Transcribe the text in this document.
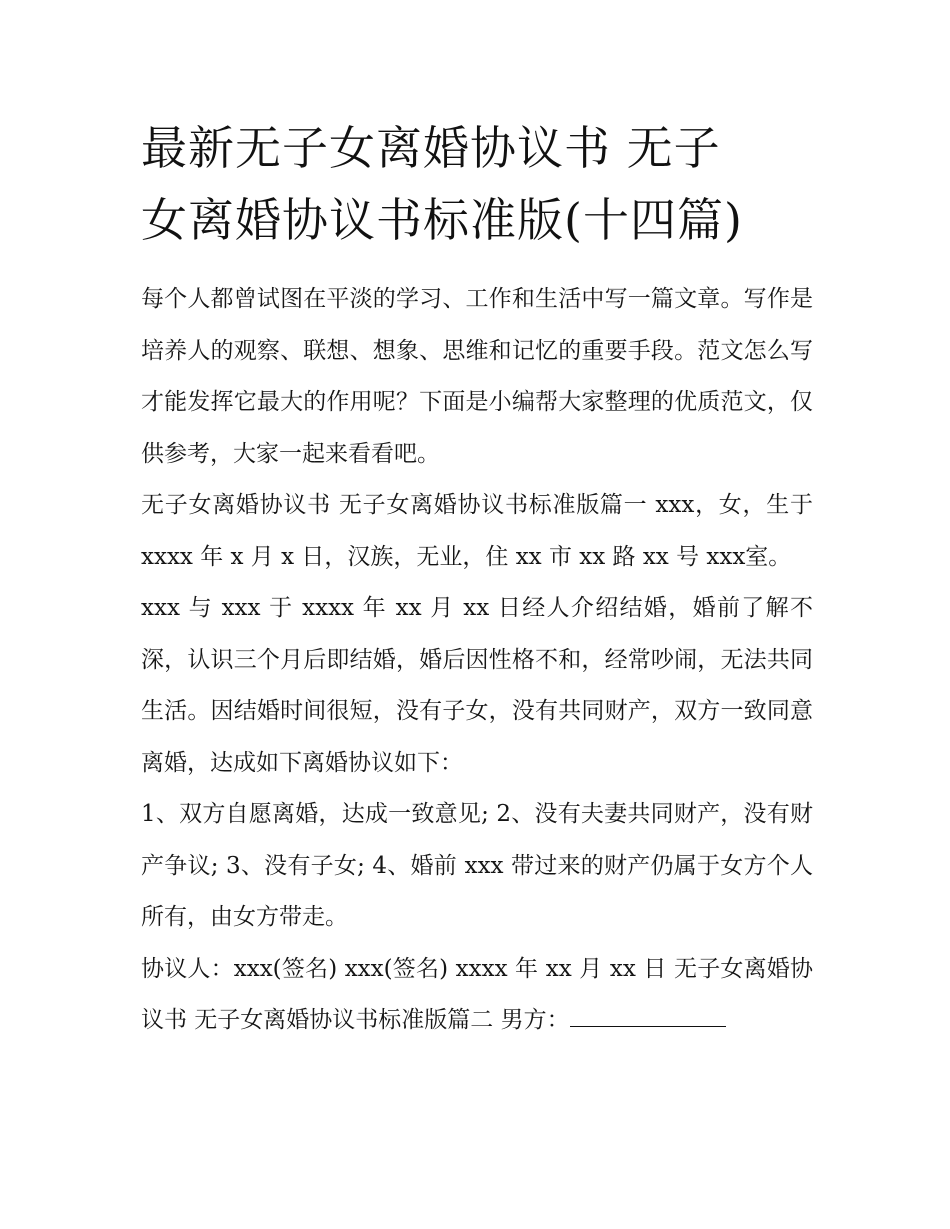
最新无子女离婚协议书 无子
女离婚协议书标准版(十四篇)

每个人都曾试图在平淡的学习、工作和生活中写一篇文章。写作是培养人的观察、联想、想象、思维和记忆的重要手段。范文怎么写才能发挥它最大的作用呢？下面是小编帮大家整理的优质范文，仅供参考，大家一起来看看吧。

无子女离婚协议书 无子女离婚协议书标准版篇一 xxx，女，生于 xxxx 年 x 月 x 日，汉族，无业，住 xx 市 xx 路 xx 号 xxx室。

xxx 与 xxx 于 xxxx 年 xx 月 xx 日经人介绍结婚，婚前了解不深，认识三个月后即结婚，婚后因性格不和，经常吵闹，无法共同生活。因结婚时间很短，没有子女，没有共同财产，双方一致同意离婚，达成如下离婚协议如下：

1、双方自愿离婚，达成一致意见; 2、没有夫妻共同财产，没有财产争议; 3、没有子女; 4、婚前 xxx 带过来的财产仍属于女方个人所有，由女方带走。

协议人：xxx(签名) xxx(签名) xxxx 年 xx 月 xx 日 无子女离婚协议书 无子女离婚协议书标准版篇二 男方：
